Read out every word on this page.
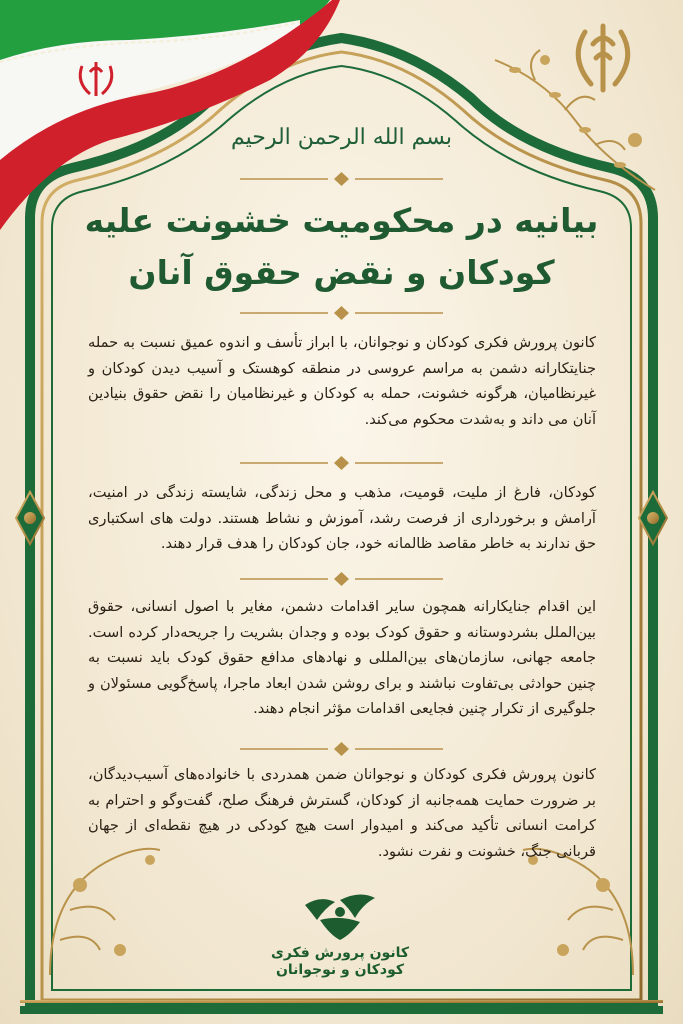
بسم الله الرحمن الرحیم
بیانیه در محکومیت خشونت علیه
کودکان و نقض حقوق آنان
کانون پرورش فکری کودکان و نوجوانان، با ابراز تأسف و اندوه عمیق نسبت به حمله جنایتکارانه دشمن به مراسم عروسی در منطقه کوهستک و آسیب دیدن کودکان و غیرنظامیان، هرگونه خشونت، حمله به کودکان و غیرنظامیان را نقض حقوق بنیادین آنان می داند و به‌شدت محکوم می‌کند.
کودکان، فارغ از ملیت، قومیت، مذهب و محل زندگی، شایسته زندگی در امنیت، آرامش و برخورداری از فرصت رشد، آموزش و نشاط هستند. دولت های اسکتباری حق ندارند به خاطر مقاصد ظالمانه خود، جان کودکان را هدف قرار دهند.
این اقدام جنایکارانه همچون سایر اقدامات دشمن، مغایر با اصول انسانی، حقوق بین‌الملل بشردوستانه و حقوق کودک بوده و وجدان بشریت را جریحه‌دار کرده است. جامعه جهانی، سازمان‌های بین‌المللی و نهادهای مدافع حقوق کودک باید نسبت به چنین حوادثی بی‌تفاوت نباشند و برای روشن شدن ابعاد ماجرا، پاسخ‌گویی مسئولان و جلوگیری از تکرار چنین فجایعی اقدامات مؤثر انجام دهند.
کانون پرورش فکری کودکان و نوجوانان ضمن همدردی با خانواده‌های آسیب‌دیدگان، بر ضرورت حمایت همه‌جانبه از کودکان، گسترش فرهنگ صلح، گفت‌وگو و احترام به کرامت انسانی تأکید می‌کند و امیدوار است هیچ کودکی در هیچ نقطه‌ای از جهان قربانی جنگ، خشونت و نفرت نشود.
کانون پرورش فکری
کودکان و نوجوانان
